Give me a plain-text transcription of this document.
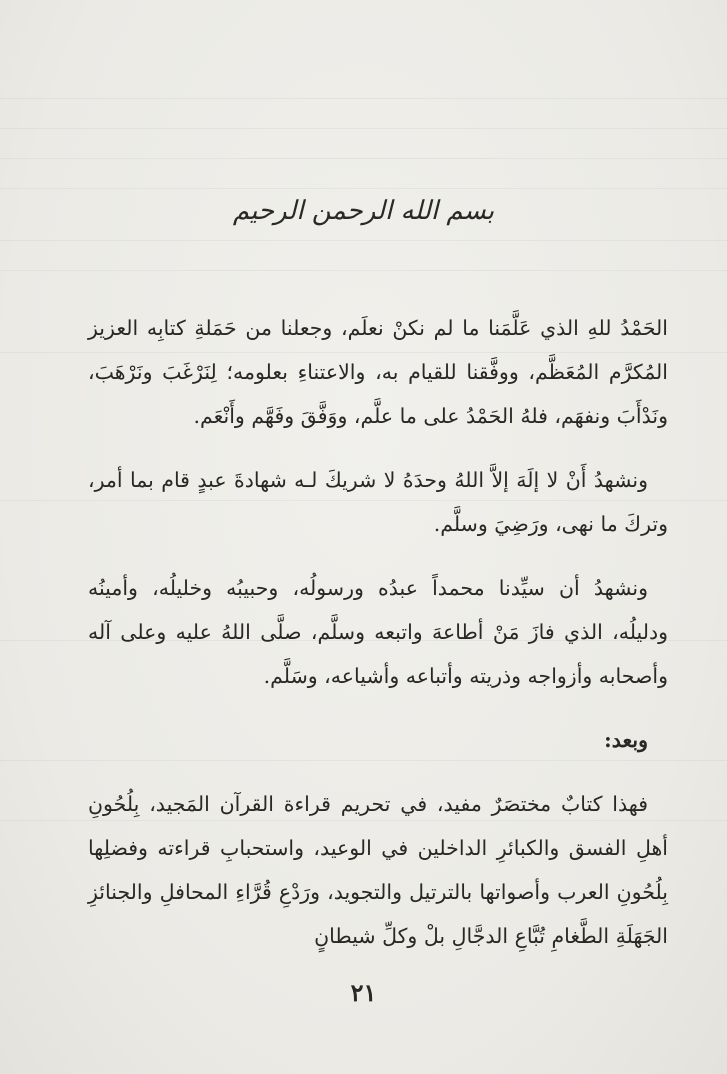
بسم الله الرحمن الرحيم

الحَمْدُ للهِ الذي عَلَّمَنا ما لم نكنْ نعلَم، وجعلنا من حَمَلةِ كتابِه العزيز المُكرَّم المُعَظَّم، ووفَّقنا للقيام به، والاعتناءِ بعلومه؛ لِنَرْغَبَ ونَرْهَبَ، ونَدْأَبَ ونفهَم، فلهُ الحَمْدُ على ما علَّم، ووَفَّقَ وفَهَّم وأَنْعَم.

ونشهدُ أَنْ لا إلَهَ إلاَّ اللهُ وحدَهُ لا شريكَ لـه شهادةَ عبدٍ قام بما أمر، وتركَ ما نهى، ورَضِيَ وسلَّم.

ونشهدُ أن سيِّدنا محمداً عبدُه ورسولُه، وحبيبُه وخليلُه، وأمينُه ودليلُه، الذي فازَ مَنْ أطاعهَ واتبعه وسلَّم، صلَّى اللهُ عليه وعلى آله وأصحابه وأزواجه وذريته وأتباعه وأشياعه، وسَلَّم.

وبعد:

فهذا كتابٌ مختصَرٌ مفيد، في تحريم قراءة القرآن المَجيد، بِلُحُونِ أهلِ الفسق والكبائرِ الداخلين في الوعيد، واستحبابِ قراءته وفضلِها بِلُحُونِ العرب وأصواتها بالترتيل والتجويد، ورَدْعِ قُرَّاءِ المحافلِ والجنائزِ الجَهَلَةِ الطَّغامِ تُبَّاعِ الدجَّالِ بلْ وكلِّ شيطانٍ

٢١
